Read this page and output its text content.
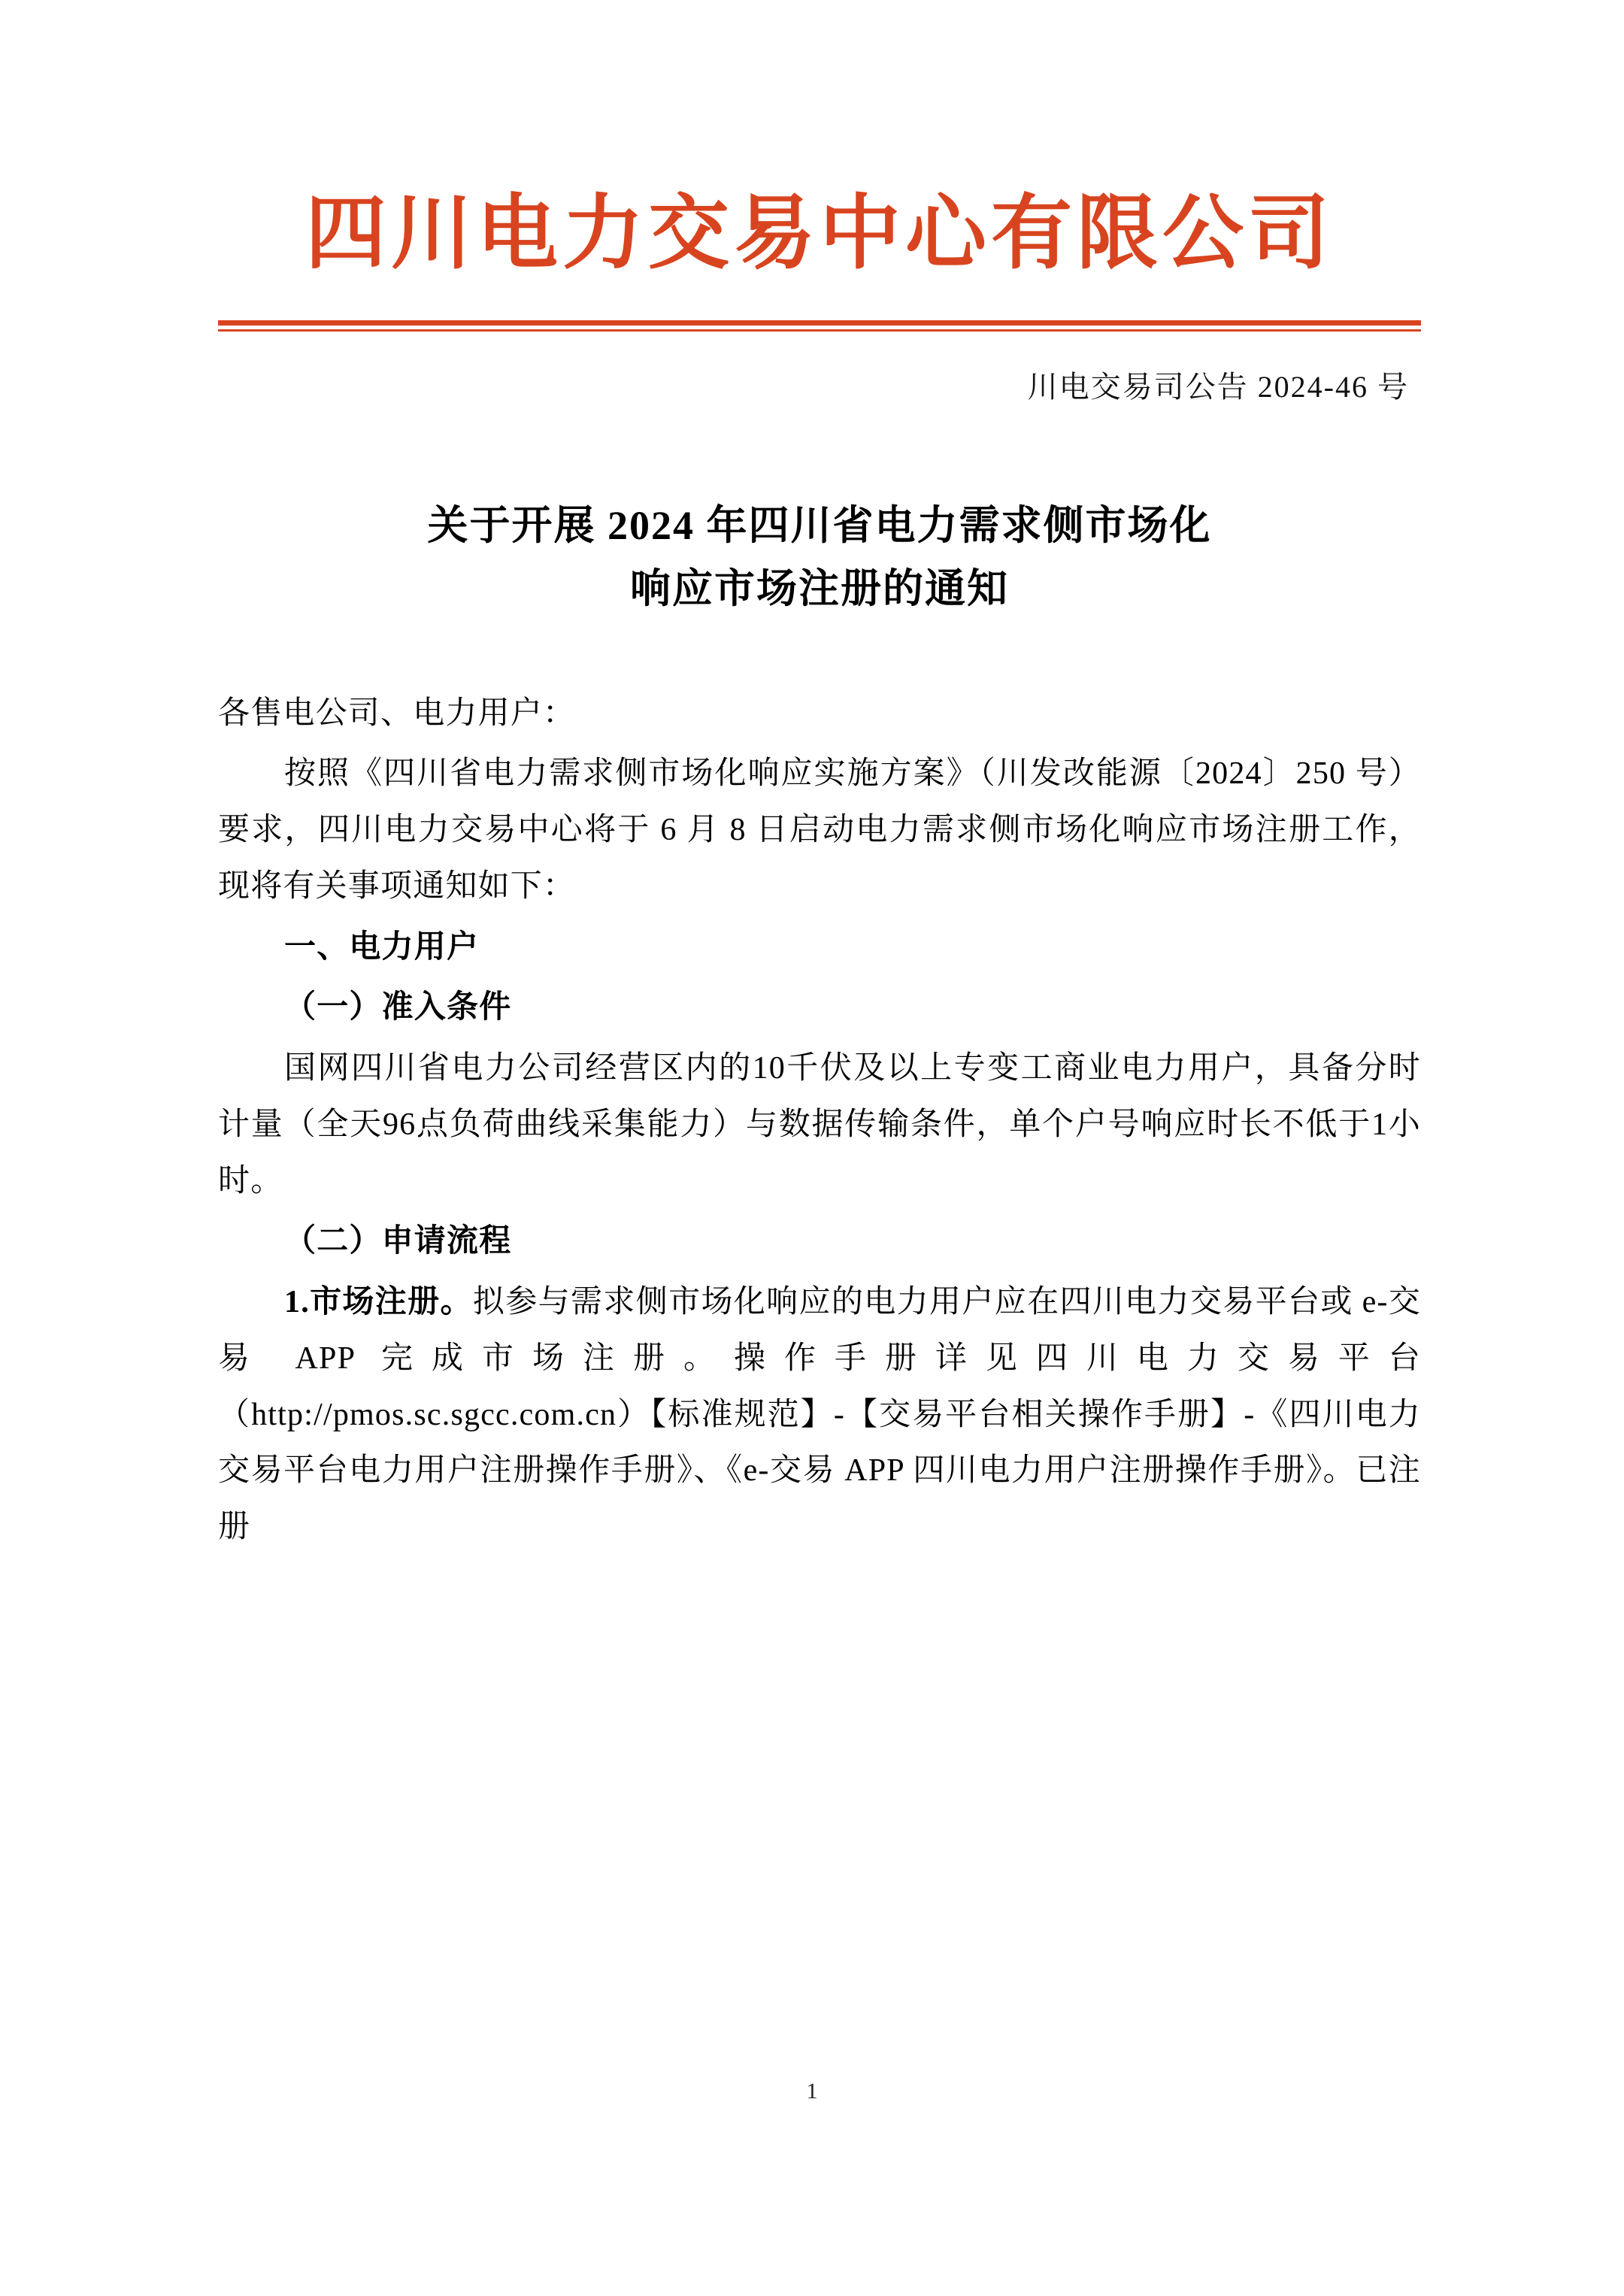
四川电力交易中心有限公司
川电交易司公告 2024-46 号
关于开展 2024 年四川省电力需求侧市场化
响应市场注册的通知

各售电公司、电力用户：

按照《四川省电力需求侧市场化响应实施方案》（川发改能源〔2024〕250 号）要求，四川电力交易中心将于 6 月 8 日启动电力需求侧市场化响应市场注册工作，现将有关事项通知如下：

一、电力用户

（一）准入条件

国网四川省电力公司经营区内的10千伏及以上专变工商业电力用户，具备分时计量（全天96点负荷曲线采集能力）与数据传输条件，单个户号响应时长不低于1小时。

（二）申请流程

1.市场注册。拟参与需求侧市场化响应的电力用户应在四川电力交易平台或 e-交易 APP 完成市场注册。操作手册详见四川电力交易平台（http://pmos.sc.sgcc.com.cn）【标准规范】-【交易平台相关操作手册】-《四川电力交易平台电力用户注册操作手册》、《e-交易 APP 四川电力用户注册操作手册》。已注册

1
